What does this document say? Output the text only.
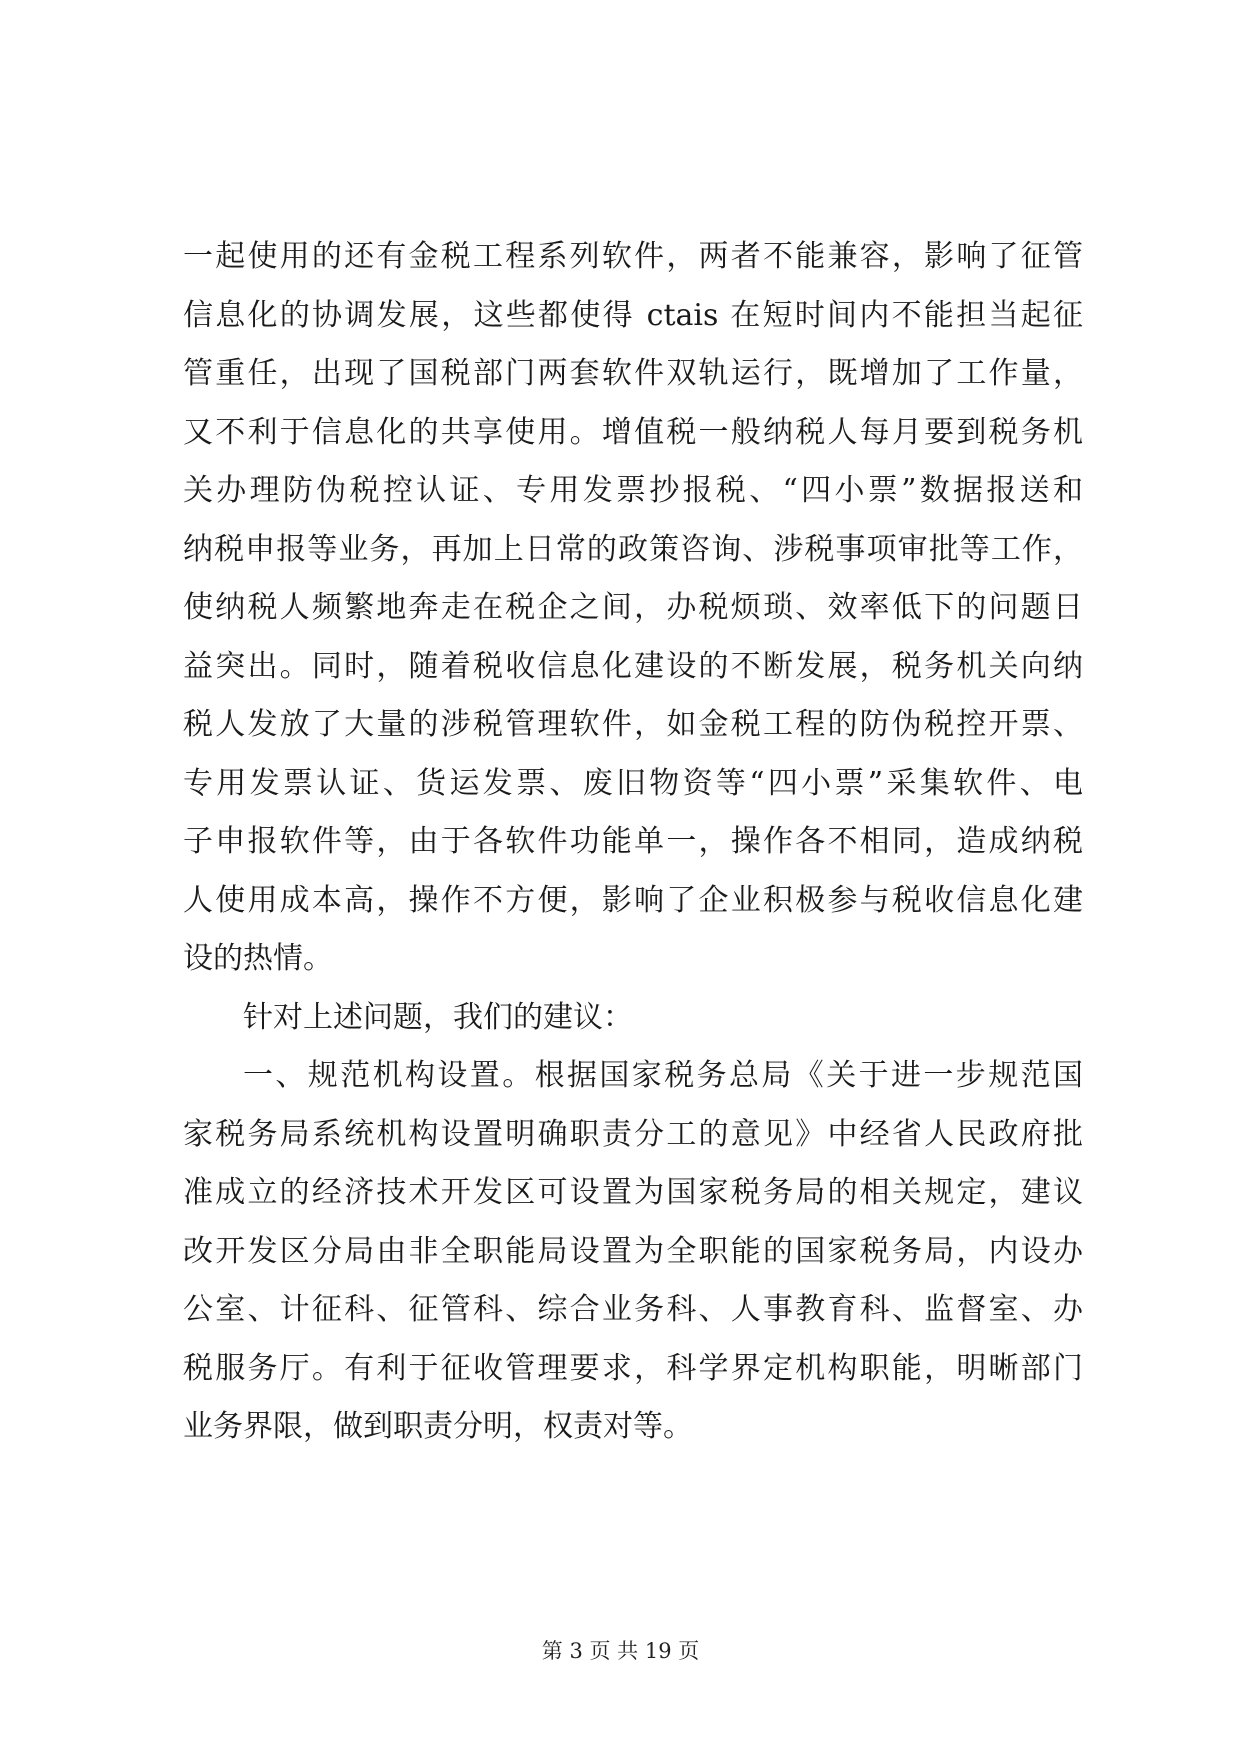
一起使用的还有金税工程系列软件，两者不能兼容，影响了征管
信息化的协调发展，这些都使得 ctais 在短时间内不能担当起征
管重任，出现了国税部门两套软件双轨运行，既增加了工作量，
又不利于信息化的共享使用。增值税一般纳税人每月要到税务机
关办理防伪税控认证、专用发票抄报税、“四小票”数据报送和
纳税申报等业务，再加上日常的政策咨询、涉税事项审批等工作，
使纳税人频繁地奔走在税企之间，办税烦琐、效率低下的问题日
益突出。同时，随着税收信息化建设的不断发展，税务机关向纳
税人发放了大量的涉税管理软件，如金税工程的防伪税控开票、
专用发票认证、货运发票、废旧物资等“四小票”采集软件、电
子申报软件等，由于各软件功能单一，操作各不相同，造成纳税
人使用成本高，操作不方便，影响了企业积极参与税收信息化建
设的热情。
针对上述问题，我们的建议：
一、规范机构设置。根据国家税务总局《关于进一步规范国
家税务局系统机构设置明确职责分工的意见》中经省人民政府批
准成立的经济技术开发区可设置为国家税务局的相关规定，建议
改开发区分局由非全职能局设置为全职能的国家税务局，内设办
公室、计征科、征管科、综合业务科、人事教育科、监督室、办
税服务厅。有利于征收管理要求，科学界定机构职能，明晰部门
业务界限，做到职责分明，权责对等。
第 3 页 共 19 页
